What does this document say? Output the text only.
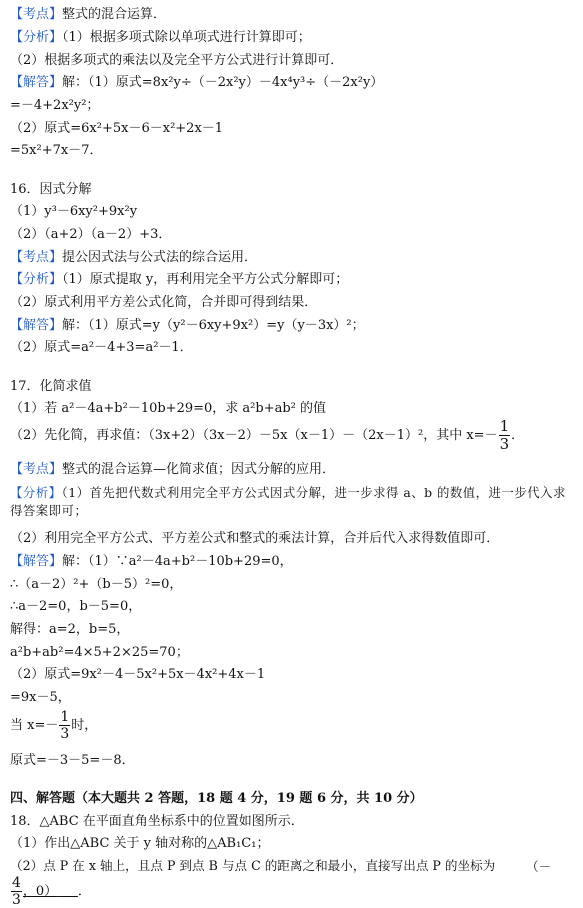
【考点】整式的混合运算．
【分析】（1）根据多项式除以单项式进行计算即可；
（2）根据多项式的乘法以及完全平方公式进行计算即可．
【解答】解：（1）原式=8x²y÷（－2x²y）－4x⁴y³÷（－2x²y）
=－4+2x²y²；
（2）原式=6x²+5x－6－x²+2x－1
=5x²+7x－7．
16．因式分解
（1）y³－6xy²+9x²y
（2）（a+2）（a－2）+3．
【考点】提公因式法与公式法的综合运用．
【分析】（1）原式提取 y，再利用完全平方公式分解即可；
（2）原式利用平方差公式化简，合并即可得到结果．
【解答】解：（1）原式=y（y²－6xy+9x²）=y（y－3x）²；
（2）原式=a²－4+3=a²－1．
17．化简求值
（1）若 a²－4a+b²－10b+29=0，求 a²b+ab² 的值
（2）先化简，再求值：（3x+2）（3x－2）－5x（x－1）－（2x－1）²，其中 $x=- \frac{1}{3}$ ．
【考点】整式的混合运算—化简求值；因式分解的应用．
【分析】（1）首先把代数式利用完全平方公式因式分解，进一步求得 a、b 的数值，进一步代入求得答案即可；
（2）利用完全平方公式、平方差公式和整式的乘法计算，合并后代入求得数值即可．
【解答】解：（1）∵a²－4a+b²－10b+29=0，
∴（a－2）²+（b－5）²=0，
∴a－2=0，b－5=0，
解得：a=2，b=5，
a²b+ab²=4×5+2×25=70；
（2）原式=9x²－4－5x²+5x－4x²+4x－1
=9x－5，
当 $x=- \frac{1}{3}$ 时，
原式=－3－5=－8．
四、解答题（本大题共 2 答题，18 题 4 分，19 题 6 分，共 10 分）
18．△ABC 在平面直角坐标系中的位置如图所示．
（1）作出△ABC 关于 y 轴对称的△AB₁C₁；
（2）点 P 在 x 轴上，且点 P 到点 B 与点 C 的距离之和最小，直接写出点 P 的坐标为	（－
$\frac{4}{3}$ ，0） ．
